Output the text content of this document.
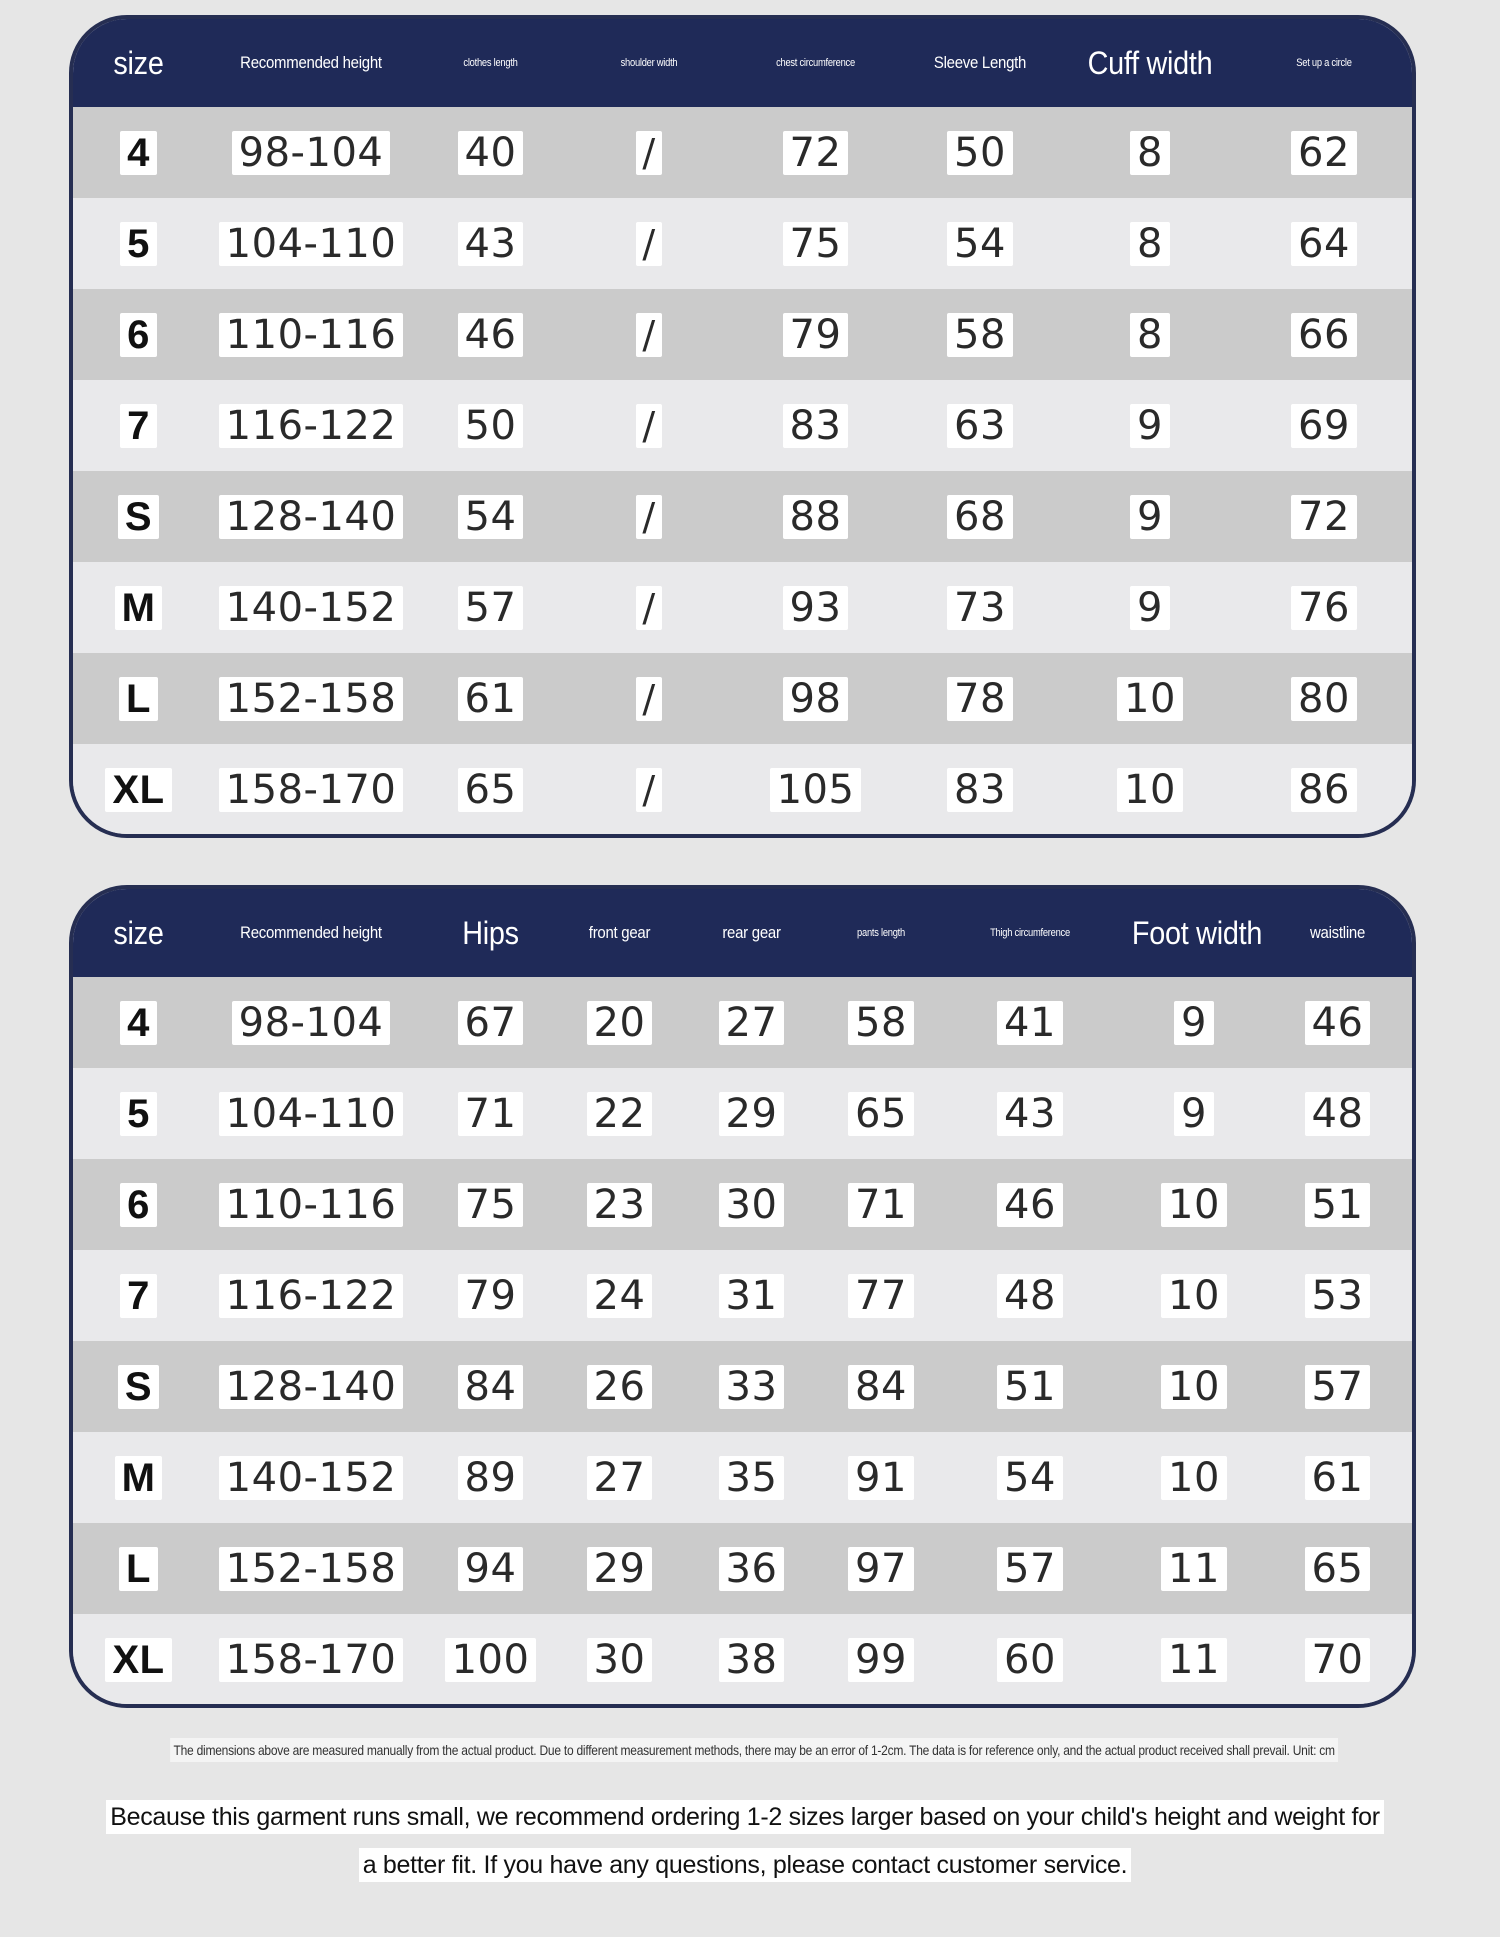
size	Recommended height	clothes length	shoulder width	chest circumference	Sleeve Length	Cuff width	Set up a circle
4 98-104 40	/	72	50	8	62
5 104-110 43	/	75	54	8	64
6 110-116 46	/	79	58	8	66
7 116-122 50	/	83	63	9	69
S 128-140 54	/	88	68	9	72
M 140-152 57	/	93	73	9	76
L 152-158 61	/	98	78	10	80
XL 158-170 65	/	105 83	10	86
size	Recommended height	Hips	front gear	rear gear	pants length	Thigh circumference	Foot width	waistline
4 98-104 67 20 27 58 41	9	46
5 104-110 71 22 29 65 43	9	48
6 110-116 75 23 30 71 46	10 51
7 116-122 79 24 31 77 48	10 53
S 128-140 84 26 33 84 51	10 57
M 140-152 89 27 35 91 54	10 61
L 152-158 94 29 36 97 57	11 65
XL 158-170 100 30 38 99 60	11 70
The dimensions above are measured manually from the actual product. Due to different measurement methods, there may be an error of 1-2cm. The data is for reference only, and the actual product received shall prevail. Unit: cm
Because this garment runs small, we recommend ordering 1-2 sizes larger based on your child's height and weight for a better fit. If you have any questions, please contact customer service.
